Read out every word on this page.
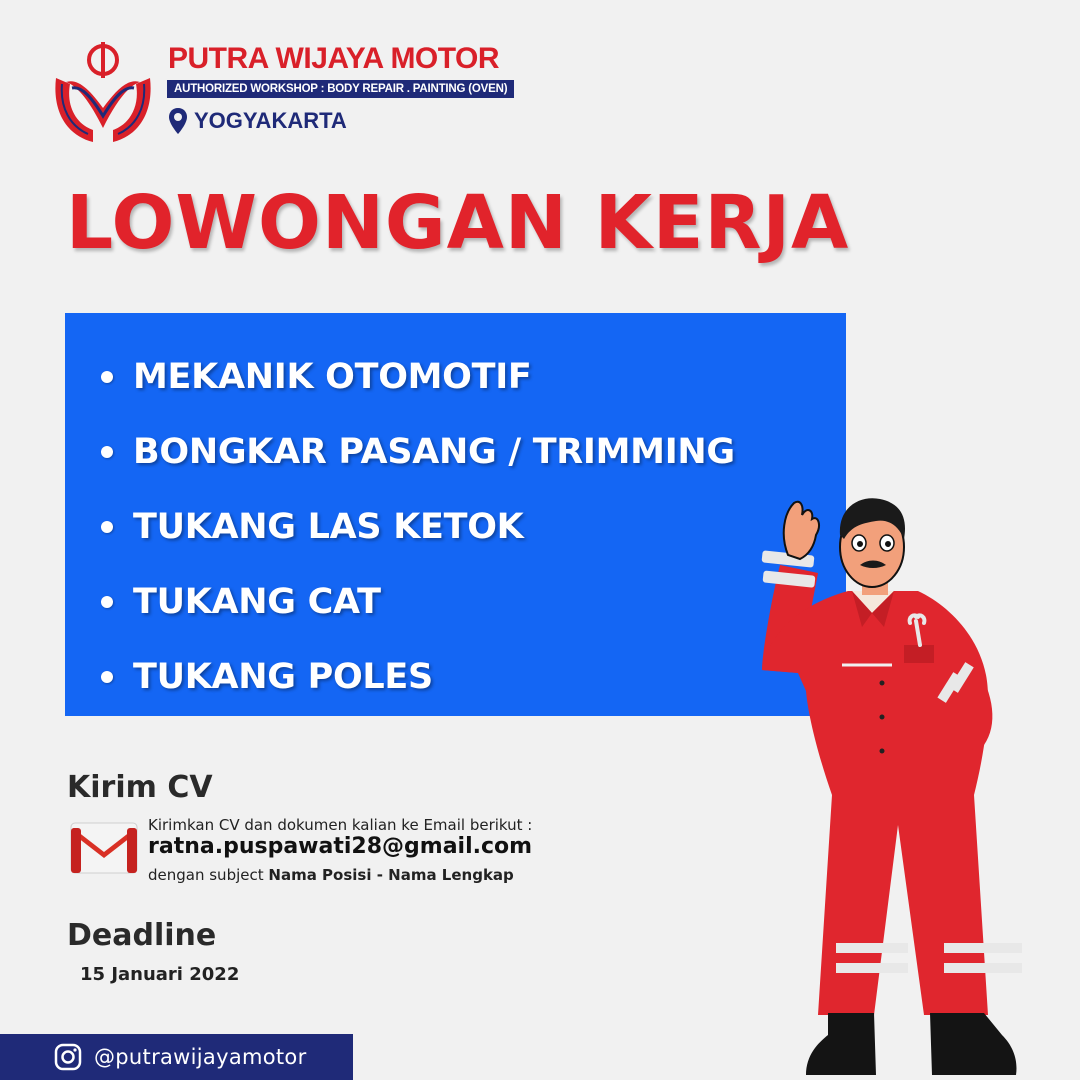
PUTRA WIJAYA MOTOR
AUTHORIZED WORKSHOP : BODY REPAIR . PAINTING (OVEN)
YOGYAKARTA
LOWONGAN KERJA
MEKANIK OTOMOTIF
BONGKAR PASANG / TRIMMING
TUKANG LAS KETOK
TUKANG CAT
TUKANG POLES
Kirim CV
Kirimkan CV dan dokumen kalian ke Email berikut :
ratna.puspawati28@gmail.com
dengan subject Nama Posisi - Nama Lengkap
Deadline
15 Januari 2022
@putrawijayamotor
